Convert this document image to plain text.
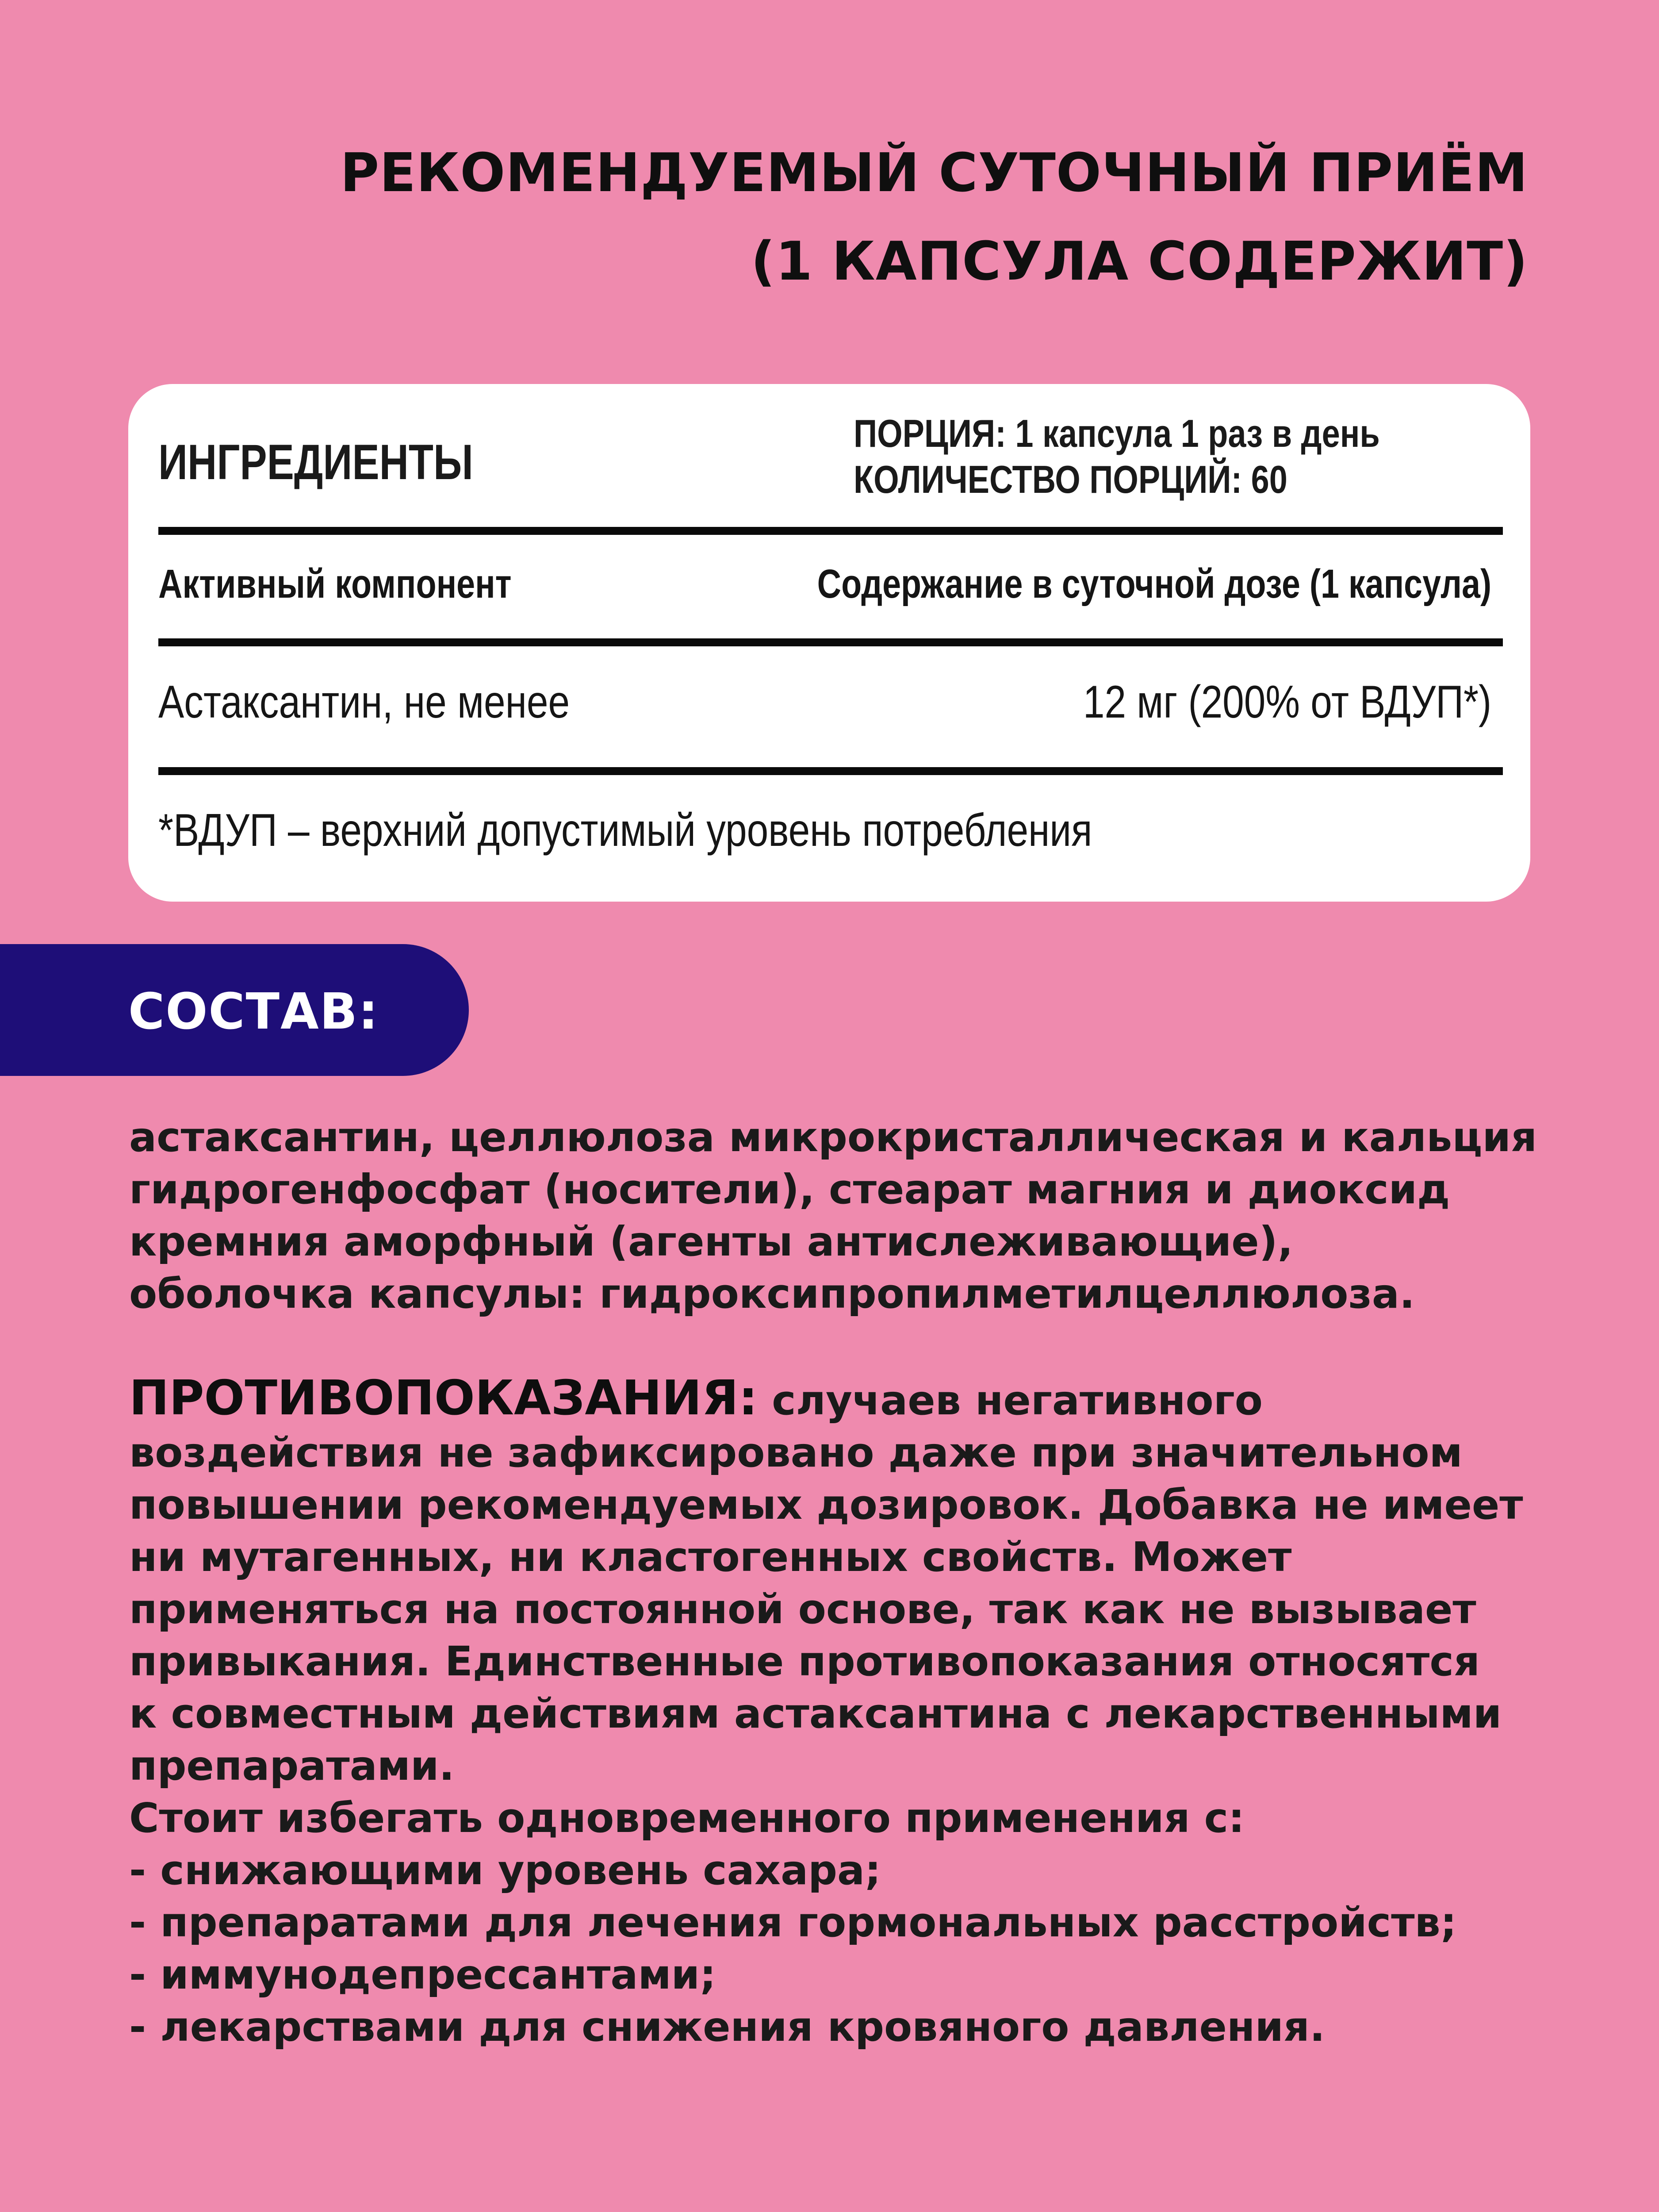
РЕКОМЕНДУЕМЫЙ СУТОЧНЫЙ ПРИЁМ
(1 КАПСУЛА СОДЕРЖИТ)
ИНГРЕДИЕНТЫ
ПОРЦИЯ: 1 капсула 1 раз в день
КОЛИЧЕСТВО ПОРЦИЙ: 60
Активный компонент	Содержание в суточной дозе (1 капсула)
Астаксантин, не менее	12 мг (200% от ВДУП*)
*ВДУП – верхний допустимый уровень потребления
СОСТАВ:
астаксантин, целлюлоза микрокристаллическая и кальция
гидрогенфосфат (носители), стеарат магния и диоксид
кремния аморфный (агенты антислеживающие),
оболочка капсулы: гидроксипропилметилцеллюлоза.
ПРОТИВОПОКАЗАНИЯ: случаев негативного
воздействия не зафиксировано даже при значительном
повышении рекомендуемых дозировок. Добавка не имеет
ни мутагенных, ни кластогенных свойств. Может
применяться на постоянной основе, так как не вызывает
привыкания. Единственные противопоказания относятся
к совместным действиям астаксантина с лекарственными
препаратами.
Стоит избегать одновременного применения с:
- снижающими уровень сахара;
- препаратами для лечения гормональных расстройств;
- иммунодепрессантами;
- лекарствами для снижения кровяного давления.
